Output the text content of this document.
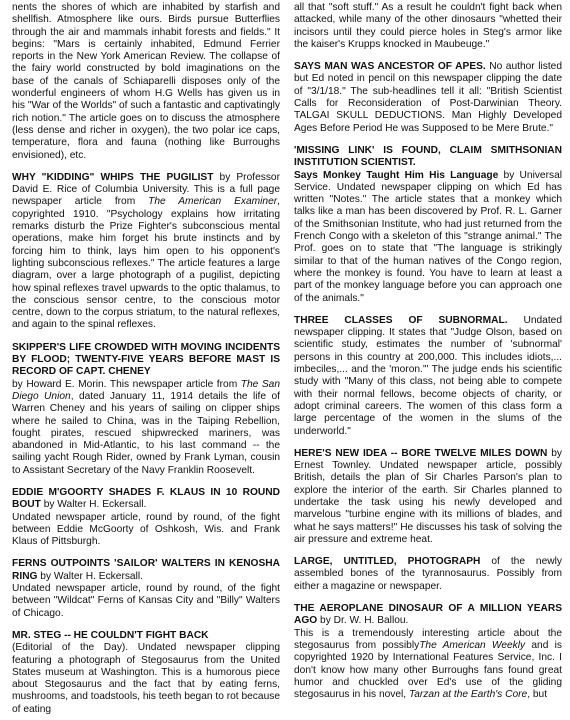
nents the shores of which are inhabited by starfish and shellfish. Atmosphere like ours. Birds pursue Butterflies through the air and mammals inhabit forests and fields." It begins: "Mars is certainly inhabited, Edmund Ferrier reports in the New York American Review. The collapse of the fairy world constructed by bold imaginations on the base of the canals of Schiaparelli disposes only of the wonderful engineers of whom H.G Wells has given us in his "War of the Worlds" of such a fantastic and captivatingly rich notion." The article goes on to discuss the atmosphere (less dense and richer in oxygen), the two polar ice caps, temperature, flora and fauna (nothing like Burroughs envisioned), etc.

WHY "KIDDING" WHIPS THE PUGILIST by Professor David E. Rice of Columbia University. This is a full page newspaper article from The American Examiner, copyrighted 1910. "Psychology explains how irritating remarks disturb the Prize Fighter's subconscious mental operations, make him forget his brute instincts and by forcing him to think, lays him open to his opponent's lighting subconscious reflexes." The article features a large diagram, over a large photograph of a pugilist, depicting how spinal reflexes travel upwards to the optic thalamus, to the conscious sensor centre, to the conscious motor centre, down to the corpus striatum, to the natural reflexes, and again to the spinal reflexes.

SKIPPER'S LIFE CROWDED WITH MOVING INCIDENTS BY FLOOD; TWENTY-FIVE YEARS BEFORE MAST IS RECORD OF CAPT. CHENEY
by Howard E. Morin. This newspaper article from The San Diego Union, dated January 11, 1914 details the life of Warren Cheney and his years of sailing on clipper ships where he sailed to China, was in the Taiping Rebellion, fought pirates, rescued shipwrecked mariners, was abandoned in Mid-Atlantic, to his last command -- the sailing yacht Rough Rider, owned by Frank Lyman, cousin to Assistant Secretary of the Navy Franklin Roosevelt.

EDDIE M'GOORTY SHADES F. KLAUS IN 10 ROUND BOUT by Walter H. Eckersall.
Undated newspaper article, round by round, of the fight between Eddie McGoorty of Oshkosh, Wis. and Frank Klaus of Pittsburgh.

FERNS OUTPOINTS 'SAILOR' WALTERS IN KENOSHA RING by Walter H. Eckersall.
Undated newspaper article, round by round, of the fight between "Wildcat" Ferns of Kansas City and "Billy" Walters of Chicago.

MR. STEG -- HE COULDN'T FIGHT BACK
(Editorial of the Day). Undated newspaper clipping featuring a photograph of Stegosaurus from the United States museum at Washington. This is a humorous piece about Stegosaurus and the fact that by eating ferns, mushrooms, and toadstools, his teeth began to rot because of eating

all that "soft stuff." As a result he couldn't fight back when attacked, while many of the other dinosaurs "whetted their incisors until they could pierce holes in Steg's armor like the kaiser's Krupps knocked in Maubeuge."

SAYS MAN WAS ANCESTOR OF APES. No author listed but Ed noted in pencil on this newspaper clipping the date of "3/1/18." The sub-headlines tell it all: "British Scientist Calls for Reconsideration of Post-Darwinian Theory. TALGAI SKULL DEDUCTIONS. Man Highly Developed Ages Before Period He was Supposed to be Mere Brute."

'MISSING LINK' IS FOUND, CLAIM SMITHSONIAN INSTITUTION SCIENTIST.
Says Monkey Taught Him His Language by Universal Service. Undated newspaper clipping on which Ed has written "Notes." The article states that a monkey which talks like a man has been discovered by Prof. R. L. Garner of the Smithsonian Institute, who had just returned from the French Congo with a skeleton of this "strange animal." The Prof. goes on to state that "The language is strikingly similar to that of the human natives of the Congo region, where the monkey is found. You have to learn at least a part of the monkey language before you can approach one of the animals."

THREE CLASSES OF SUBNORMAL. Undated newspaper clipping. It states that "Judge Olson, based on scientific study, estimates the number of 'subnormal' persons in this country at 200,000. This includes idiots,... imbeciles,... and the 'moron.'" The judge ends his scientific study with "Many of this class, not being able to compete with their normal fellows, become objects of charity, or adopt criminal careers. The women of this class form a large percentage of the women in the slums of the underworld."

HERE'S NEW IDEA -- BORE TWELVE MILES DOWN by Ernest Townley. Undated newspaper article, possibly British, details the plan of Sir Charles Parson's plan to explore the interior of the earth. Sir Charles planned to undertake the task using his newly developed and marvelous "turbine engine with its millions of blades, and what he says matters!" He discusses his task of solving the air pressure and extreme heat.

LARGE, UNTITLED, PHOTOGRAPH of the newly assembled bones of the tyrannosaurus. Possibly from either a magazine or newspaper.

THE AEROPLANE DINOSAUR OF A MILLION YEARS AGO by Dr. W. H. Ballou.
This is a tremendously interesting article about the stegosaurus from possiblyThe American Weekly and is copyrighted 1920 by International Features Service, Inc. I don't know how many other Burroughs fans found great humor and chuckled over Ed's use of the gliding stegosaurus in his novel, Tarzan at the Earth's Core, but
